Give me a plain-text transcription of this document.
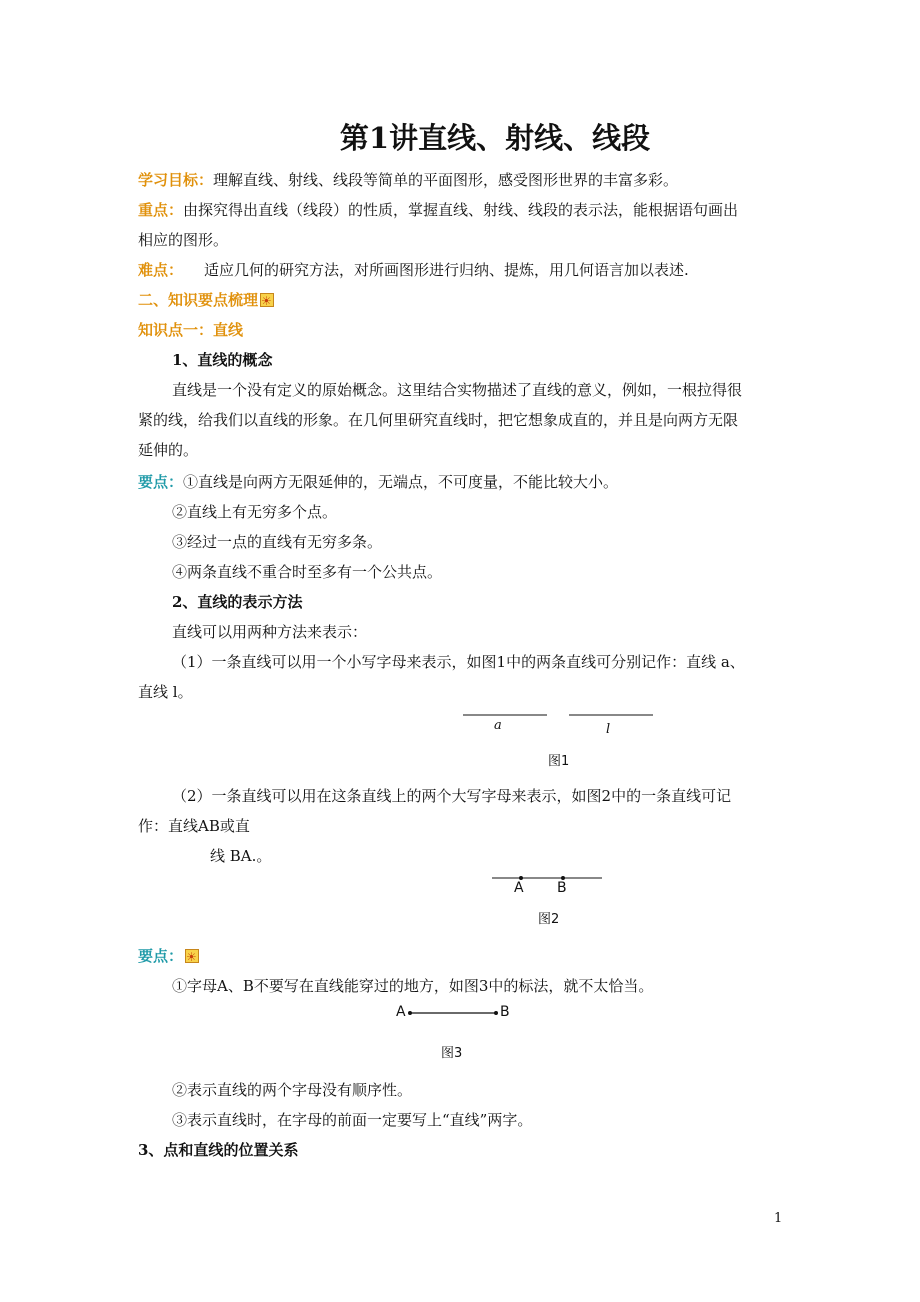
第1讲直线、射线、线段
学习目标：理解直线、射线、线段等简单的平面图形，感受图形世界的丰富多彩。
重点：由探究得出直线（线段）的性质，掌握直线、射线、线段的表示法，能根据语句画出
相应的图形。
难点： 适应几何的研究方法，对所画图形进行归纳、提炼，用几何语言加以表述.
二、知识要点梳理☀
知识点一：直线
1、直线的概念
直线是一个没有定义的原始概念。这里结合实物描述了直线的意义，例如，一根拉得很
紧的线，给我们以直线的形象。在几何里研究直线时，把它想象成直的，并且是向两方无限
延伸的。
要点：①直线是向两方无限延伸的，无端点，不可度量，不能比较大小。
②直线上有无穷多个点。
③经过一点的直线有无穷多条。
④两条直线不重合时至多有一个公共点。
2、直线的表示方法
直线可以用两种方法来表示：
（1）一条直线可以用一个小写字母来表示，如图1中的两条直线可分别记作：直线 a、
直线 l。
a	l
图1
（2）一条直线可以用在这条直线上的两个大写字母来表示，如图2中的一条直线可记
作：直线AB或直
线 BA.。
A B
图2
要点：☀
①字母A、B不要写在直线能穿过的地方，如图3中的标法，就不太恰当。
A	B
图3
②表示直线的两个字母没有顺序性。
③表示直线时，在字母的前面一定要写上“直线”两字。
3、点和直线的位置关系
1
